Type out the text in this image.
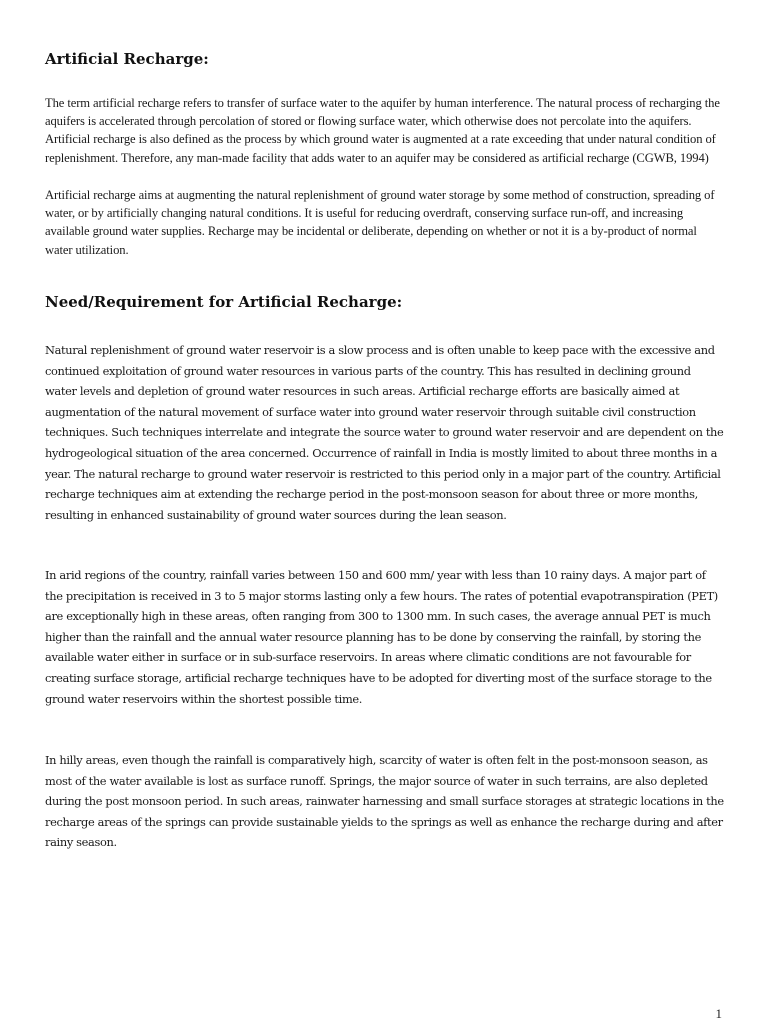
Artificial Recharge:

The term artificial recharge refers to transfer of surface water to the aquifer by human interference. The natural process of recharging the aquifers is accelerated through percolation of stored or flowing surface water, which otherwise does not percolate into the aquifers. Artificial recharge is also defined as the process by which ground water is augmented at a rate exceeding that under natural condition of replenishment. Therefore, any man-made facility that adds water to an aquifer may be considered as artificial recharge (CGWB, 1994)

Artificial recharge aims at augmenting the natural replenishment of ground water storage by some method of construction, spreading of water, or by artificially changing natural conditions. It is useful for reducing overdraft, conserving surface run-off, and increasing available ground water supplies. Recharge may be incidental or deliberate, depending on whether or not it is a by-product of normal water utilization.

Need/Requirement for Artificial Recharge:

Natural replenishment of ground water reservoir is a slow process and is often unable to keep pace with the excessive and continued exploitation of ground water resources in various parts of the country. This has resulted in declining ground water levels and depletion of ground water resources in such areas. Artificial recharge efforts are basically aimed at augmentation of the natural movement of surface water into ground water reservoir through suitable civil construction techniques. Such techniques interrelate and integrate the source water to ground water reservoir and are dependent on the hydrogeological situation of the area concerned. Occurrence of rainfall in India is mostly limited to about three months in a year. The natural recharge to ground water reservoir is restricted to this period only in a major part of the country. Artificial recharge techniques aim at extending the recharge period in the post-monsoon season for about three or more months, resulting in enhanced sustainability of ground water sources during the lean season.

In arid regions of the country, rainfall varies between 150 and 600 mm/ year with less than 10 rainy days. A major part of the precipitation is received in 3 to 5 major storms lasting only a few hours. The rates of potential evapotranspiration (PET) are exceptionally high in these areas, often ranging from 300 to 1300 mm. In such cases, the average annual PET is much higher than the rainfall and the annual water resource planning has to be done by conserving the rainfall, by storing the available water either in surface or in sub-surface reservoirs. In areas where climatic conditions are not favourable for creating surface storage, artificial recharge techniques have to be adopted for diverting most of the surface storage to the ground water reservoirs within the shortest possible time.

In hilly areas, even though the rainfall is comparatively high, scarcity of water is often felt in the post-monsoon season, as most of the water available is lost as surface runoff. Springs, the major source of water in such terrains, are also depleted during the post monsoon period. In such areas, rainwater harnessing and small surface storages at strategic locations in the recharge areas of the springs can provide sustainable yields to the springs as well as enhance the recharge during and after rainy season.

1
